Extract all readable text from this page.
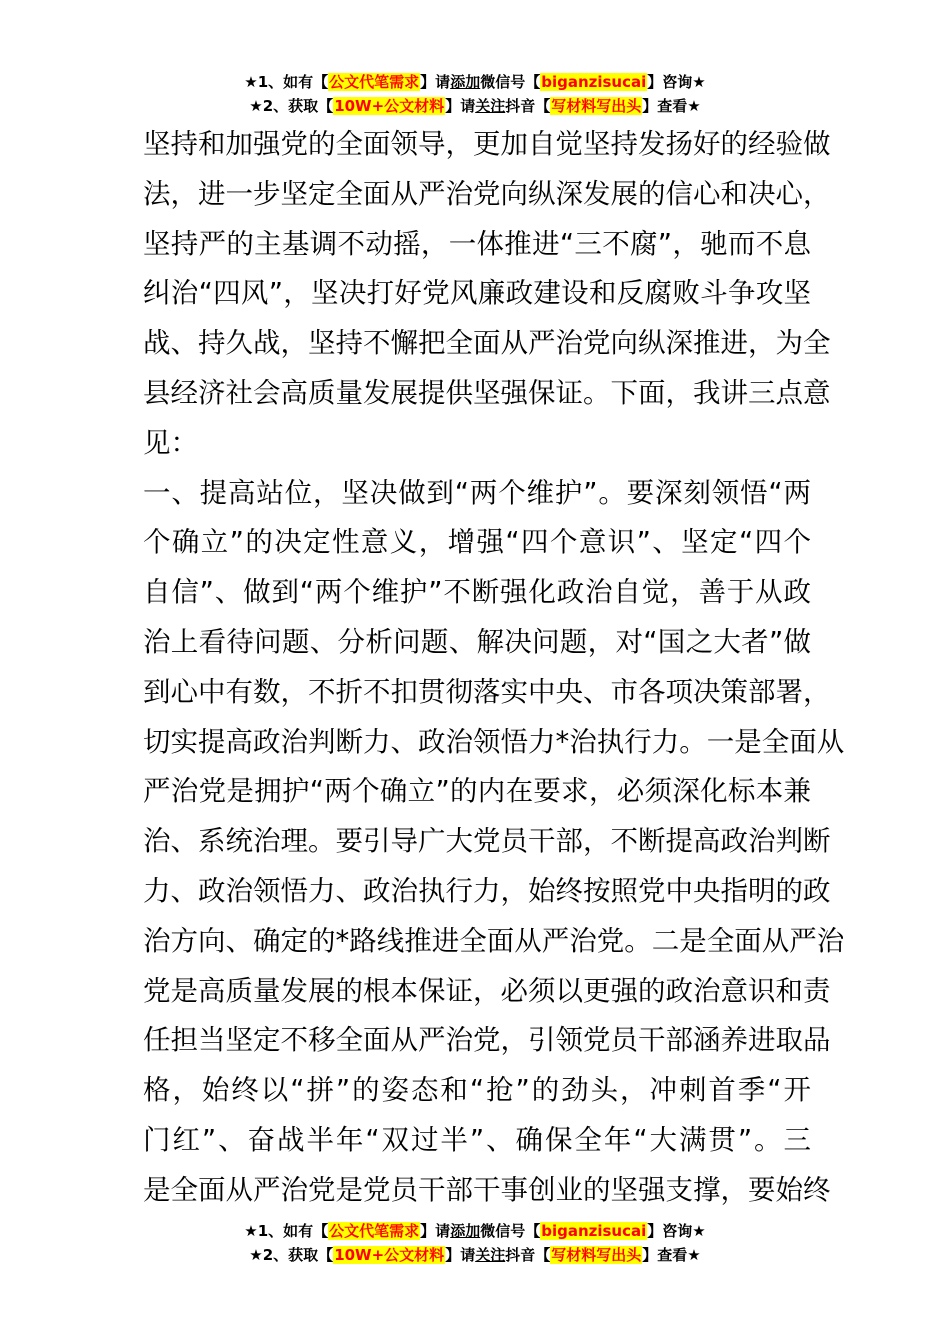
★1、如有【公文代笔需求】请添加微信号【biganzisucai】咨询★
★2、获取【10W+公文材料】请关注抖音【写材料写出头】查看★
坚持和加强党的全面领导，更加自觉坚持发扬好的经验做
法，进一步坚定全面从严治党向纵深发展的信心和决心，
坚持严的主基调不动摇，一体推进“三不腐”，驰而不息
纠治“四风”，坚决打好党风廉政建设和反腐败斗争攻坚
战、持久战，坚持不懈把全面从严治党向纵深推进，为全
县经济社会高质量发展提供坚强保证。下面，我讲三点意
见：
一、提高站位，坚决做到“两个维护”。要深刻领悟“两
个确立”的决定性意义，增强“四个意识”、坚定“四个
自信”、做到“两个维护”不断强化政治自觉，善于从政
治上看待问题、分析问题、解决问题，对“国之大者”做
到心中有数，不折不扣贯彻落实中央、市各项决策部署，
切实提高政治判断力、政治领悟力*治执行力。一是全面从
严治党是拥护“两个确立”的内在要求，必须深化标本兼
治、系统治理。要引导广大党员干部，不断提高政治判断
力、政治领悟力、政治执行力，始终按照党中央指明的政
治方向、确定的*路线推进全面从严治党。二是全面从严治
党是高质量发展的根本保证，必须以更强的政治意识和责
任担当坚定不移全面从严治党，引领党员干部涵养进取品
格，始终以“拼”的姿态和“抢”的劲头，冲刺首季“开
门红”、奋战半年“双过半”、确保全年“大满贯”。三
是全面从严治党是党员干部干事创业的坚强支撑，要始终
★1、如有【公文代笔需求】请添加微信号【biganzisucai】咨询★
★2、获取【10W+公文材料】请关注抖音【写材料写出头】查看★
